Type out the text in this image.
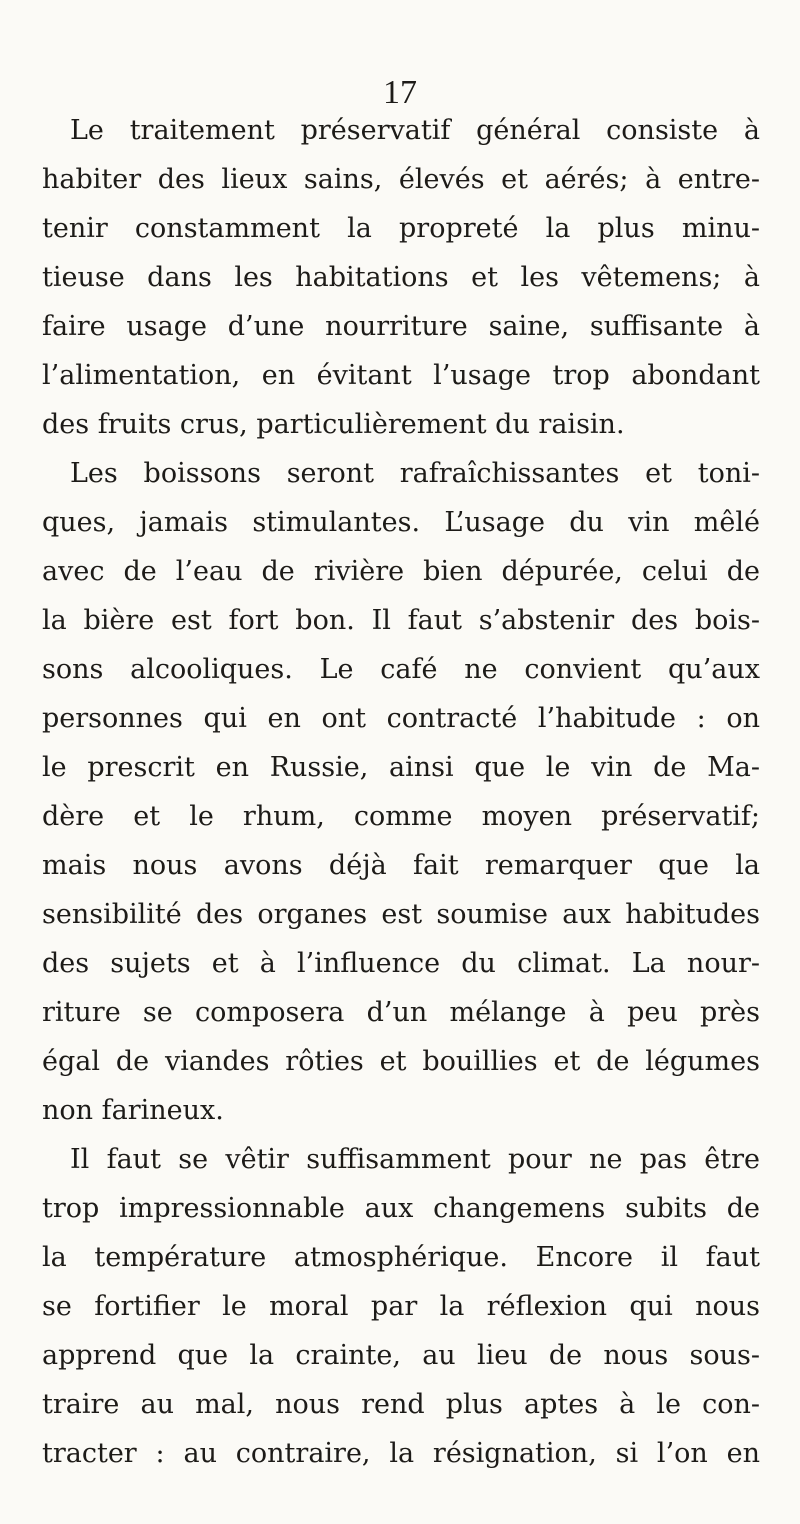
17
Le traitement préservatif général consiste à
habiter des lieux sains, élevés et aérés; à entre-
tenir constamment la propreté la plus minu-
tieuse dans les habitations et les vêtemens; à
faire usage d’une nourriture saine, suffisante à
l’alimentation, en évitant l’usage trop abondant
des fruits crus, particulièrement du raisin.
Les boissons seront rafraîchissantes et toni-
ques, jamais stimulantes. L’usage du vin mêlé
avec de l’eau de rivière bien dépurée, celui de
la bière est fort bon. Il faut s’abstenir des bois-
sons alcooliques. Le café ne convient qu’aux
personnes qui en ont contracté l’habitude : on
le prescrit en Russie, ainsi que le vin de Ma-
dère et le rhum, comme moyen préservatif;
mais nous avons déjà fait remarquer que la
sensibilité des organes est soumise aux habitudes
des sujets et à l’influence du climat. La nour-
riture se composera d’un mélange à peu près
égal de viandes rôties et bouillies et de légumes
non farineux.
Il faut se vêtir suffisamment pour ne pas être
trop impressionnable aux changemens subits de
la température atmosphérique. Encore il faut
se fortifier le moral par la réflexion qui nous
apprend que la crainte, au lieu de nous sous-
traire au mal, nous rend plus aptes à le con-
tracter : au contraire, la résignation, si l’on en
